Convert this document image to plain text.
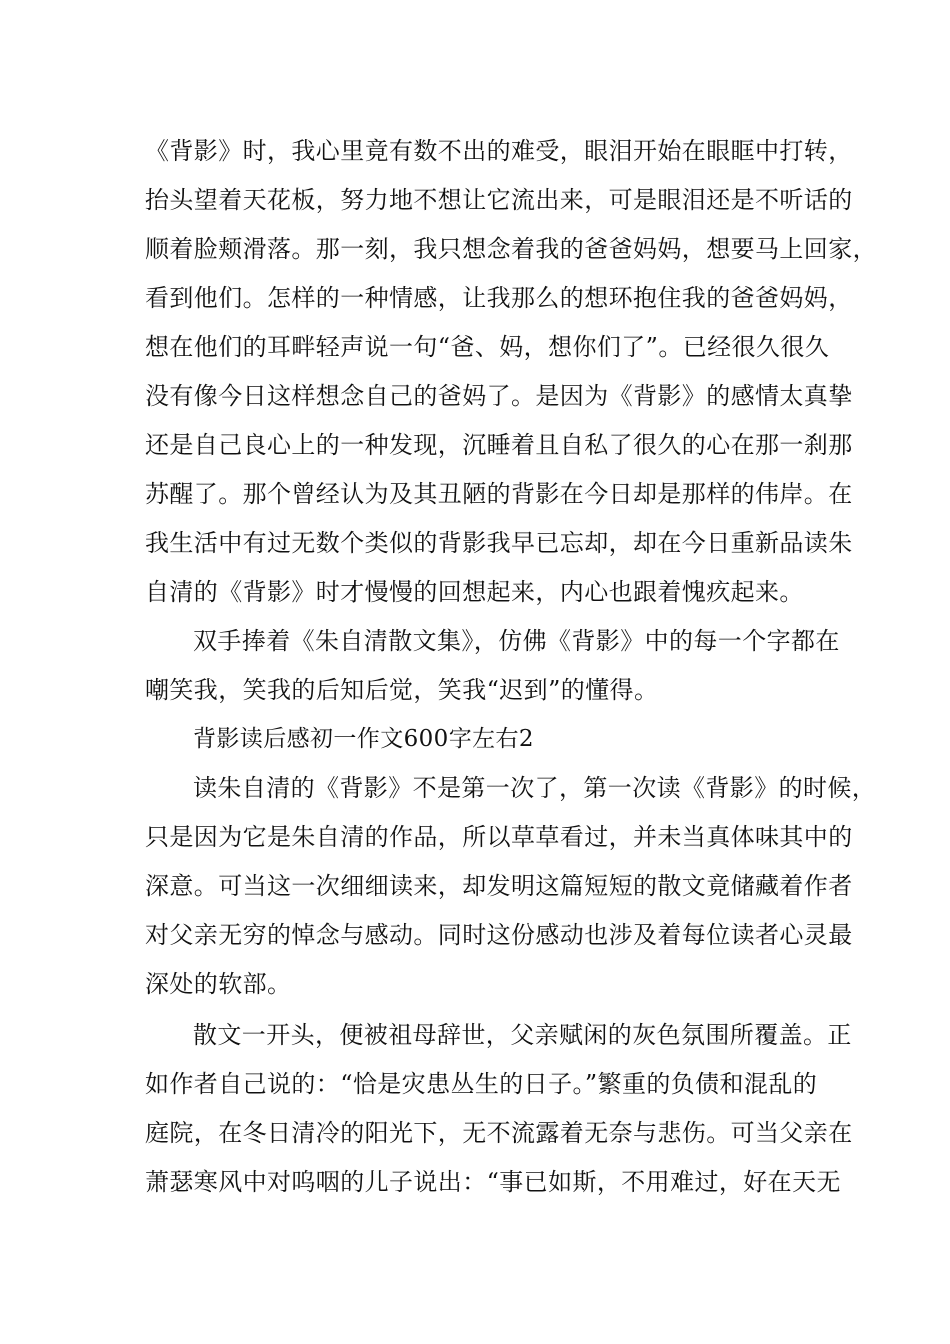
《背影》时，我心里竟有数不出的难受，眼泪开始在眼眶中打转，
抬头望着天花板，努力地不想让它流出来，可是眼泪还是不听话的
顺着脸颊滑落。那一刻，我只想念着我的爸爸妈妈，想要马上回家，
看到他们。怎样的一种情感，让我那么的想环抱住我的爸爸妈妈，
想在他们的耳畔轻声说一句“爸、妈，想你们了”。已经很久很久
没有像今日这样想念自己的爸妈了。是因为《背影》的感情太真挚
还是自己良心上的一种发现，沉睡着且自私了很久的心在那一刹那
苏醒了。那个曾经认为及其丑陋的背影在今日却是那样的伟岸。在
我生活中有过无数个类似的背影我早已忘却，却在今日重新品读朱
自清的《背影》时才慢慢的回想起来，内心也跟着愧疚起来。
双手捧着《朱自清散文集》，仿佛《背影》中的每一个字都在
嘲笑我，笑我的后知后觉，笑我“迟到”的懂得。
背影读后感初一作文600字左右2
读朱自清的《背影》不是第一次了，第一次读《背影》的时候，
只是因为它是朱自清的作品，所以草草看过，并未当真体味其中的
深意。可当这一次细细读来，却发明这篇短短的散文竟储藏着作者
对父亲无穷的悼念与感动。同时这份感动也涉及着每位读者心灵最
深处的软部。
散文一开头，便被祖母辞世，父亲赋闲的灰色氛围所覆盖。正
如作者自己说的：“恰是灾患丛生的日子。”繁重的负债和混乱的
庭院，在冬日清冷的阳光下，无不流露着无奈与悲伤。可当父亲在
萧瑟寒风中对呜咽的儿子说出：“事已如斯，不用难过，好在天无
